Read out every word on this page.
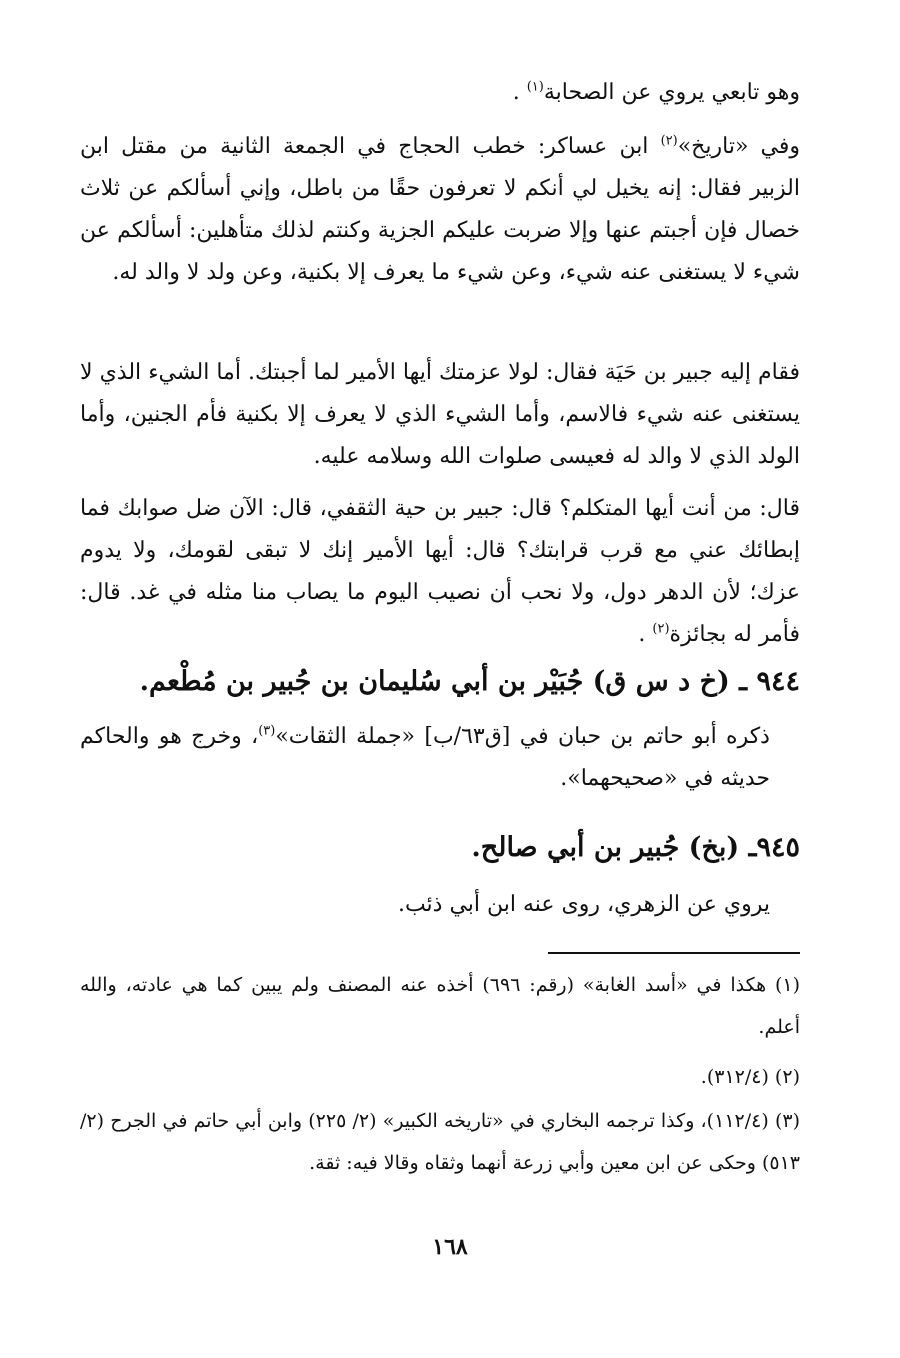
وهو تابعي يروي عن الصحابة$^{(١)}$ .
وفي «تاريخ»$^{(٢)}$ ابن عساكر: خطب الحجاج في الجمعة الثانية من مقتل ابن الزبير فقال: إنه يخيل لي أنكم لا تعرفون حقًا من باطل، وإني أسألكم عن ثلاث خصال فإن أجبتم عنها وإلا ضربت عليكم الجزية وكنتم لذلك متأهلين: أسألكم عن شيء لا يستغنى عنه شيء، وعن شيء ما يعرف إلا بكنية، وعن ولد لا والد له.
فقام إليه جبير بن حَيَة فقال: لولا عزمتك أيها الأمير لما أجبتك. أما الشيء الذي لا يستغنى عنه شيء فالاسم، وأما الشيء الذي لا يعرف إلا بكنية فأم الجنين، وأما الولد الذي لا والد له فعيسى صلوات الله وسلامه عليه.
قال: من أنت أيها المتكلم؟ قال: جبير بن حية الثقفي، قال: الآن ضل صوابك فما إبطائك عني مع قرب قرابتك؟ قال: أيها الأمير إنك لا تبقى لقومك، ولا يدوم عزك؛ لأن الدهر دول، ولا نحب أن نصيب اليوم ما يصاب منا مثله في غد. قال: فأمر له بجائزة$^{(٢)}$ .
٩٤٤ ـ (خ د س ق) جُبَيْر بن أبي سُليمان بن جُبير بن مُطْعم.
ذكره أبو حاتم بن حبان في [ق٦٣/ب] «جملة الثقات»$^{(٣)}$، وخرج هو والحاكم حديثه في «صحيحهما».
٩٤٥ـ (بخ) جُبير بن أبي صالح.
يروي عن الزهري، روى عنه ابن أبي ذئب.
(١) هكذا في «أسد الغابة» (رقم: ٦٩٦) أخذه عنه المصنف ولم يبين كما هي عادته، والله أعلم.
(٢) (٣١٢/٤).
(٣) (١١٢/٤)، وكذا ترجمه البخاري في «تاريخه الكبير» (٢/ ٢٢٥) وابن أبي حاتم في الجرح (٢/ ٥١٣) وحكى عن ابن معين وأبي زرعة أنهما وثقاه وقالا فيه: ثقة.
١٦٨
